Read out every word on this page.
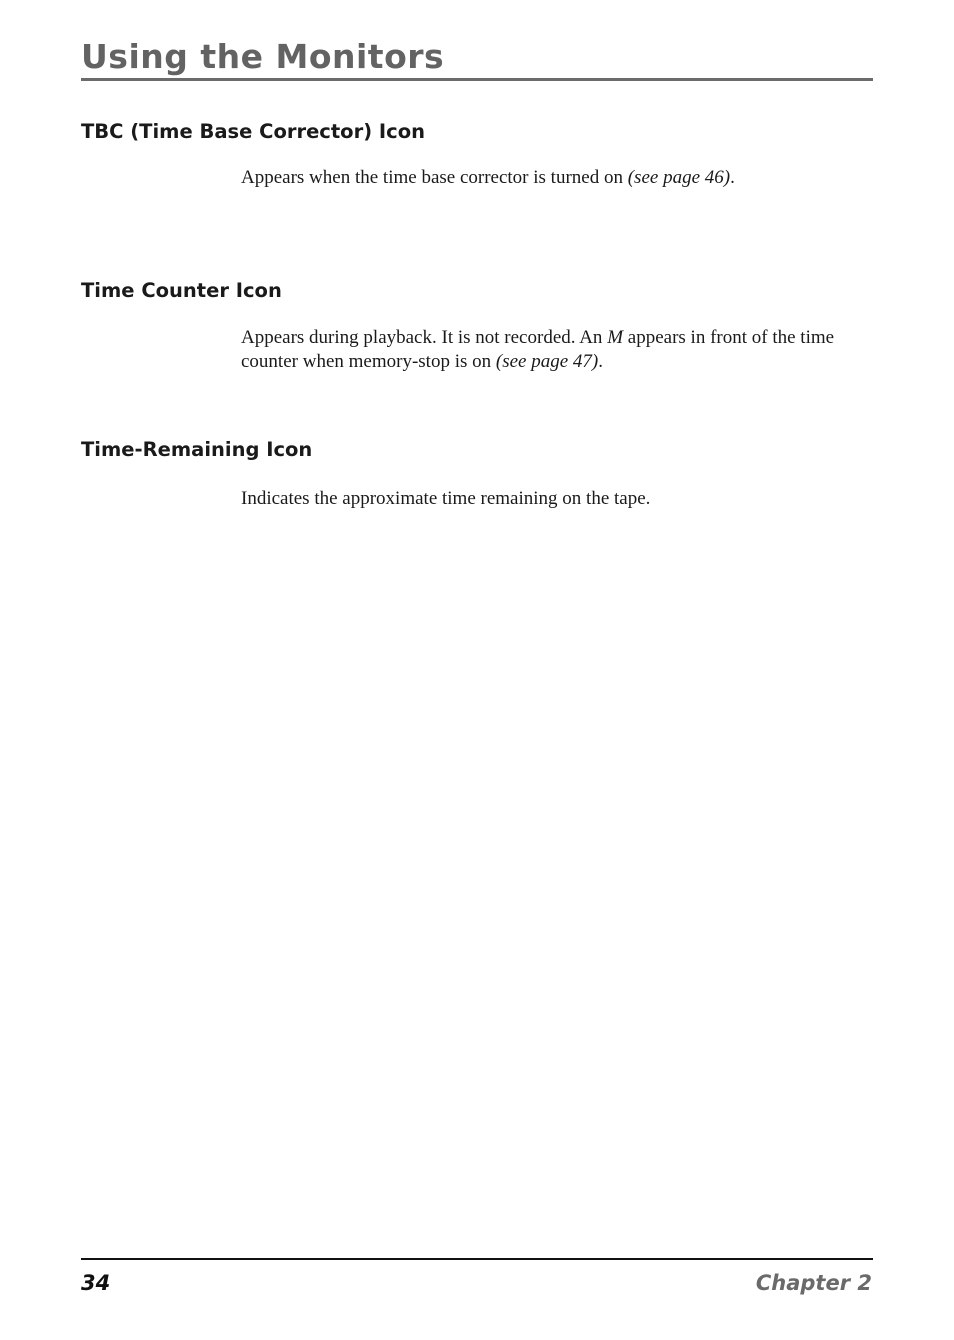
Using the Monitors
TBC (Time Base Corrector) Icon

Appears when the time base corrector is turned on (see page 46).

Time Counter Icon

Appears during playback. It is not recorded. An M appears in front of the time counter when memory-stop is on (see page 47).

Time-Remaining Icon

Indicates the approximate time remaining on the tape.

34	Chapter 2
